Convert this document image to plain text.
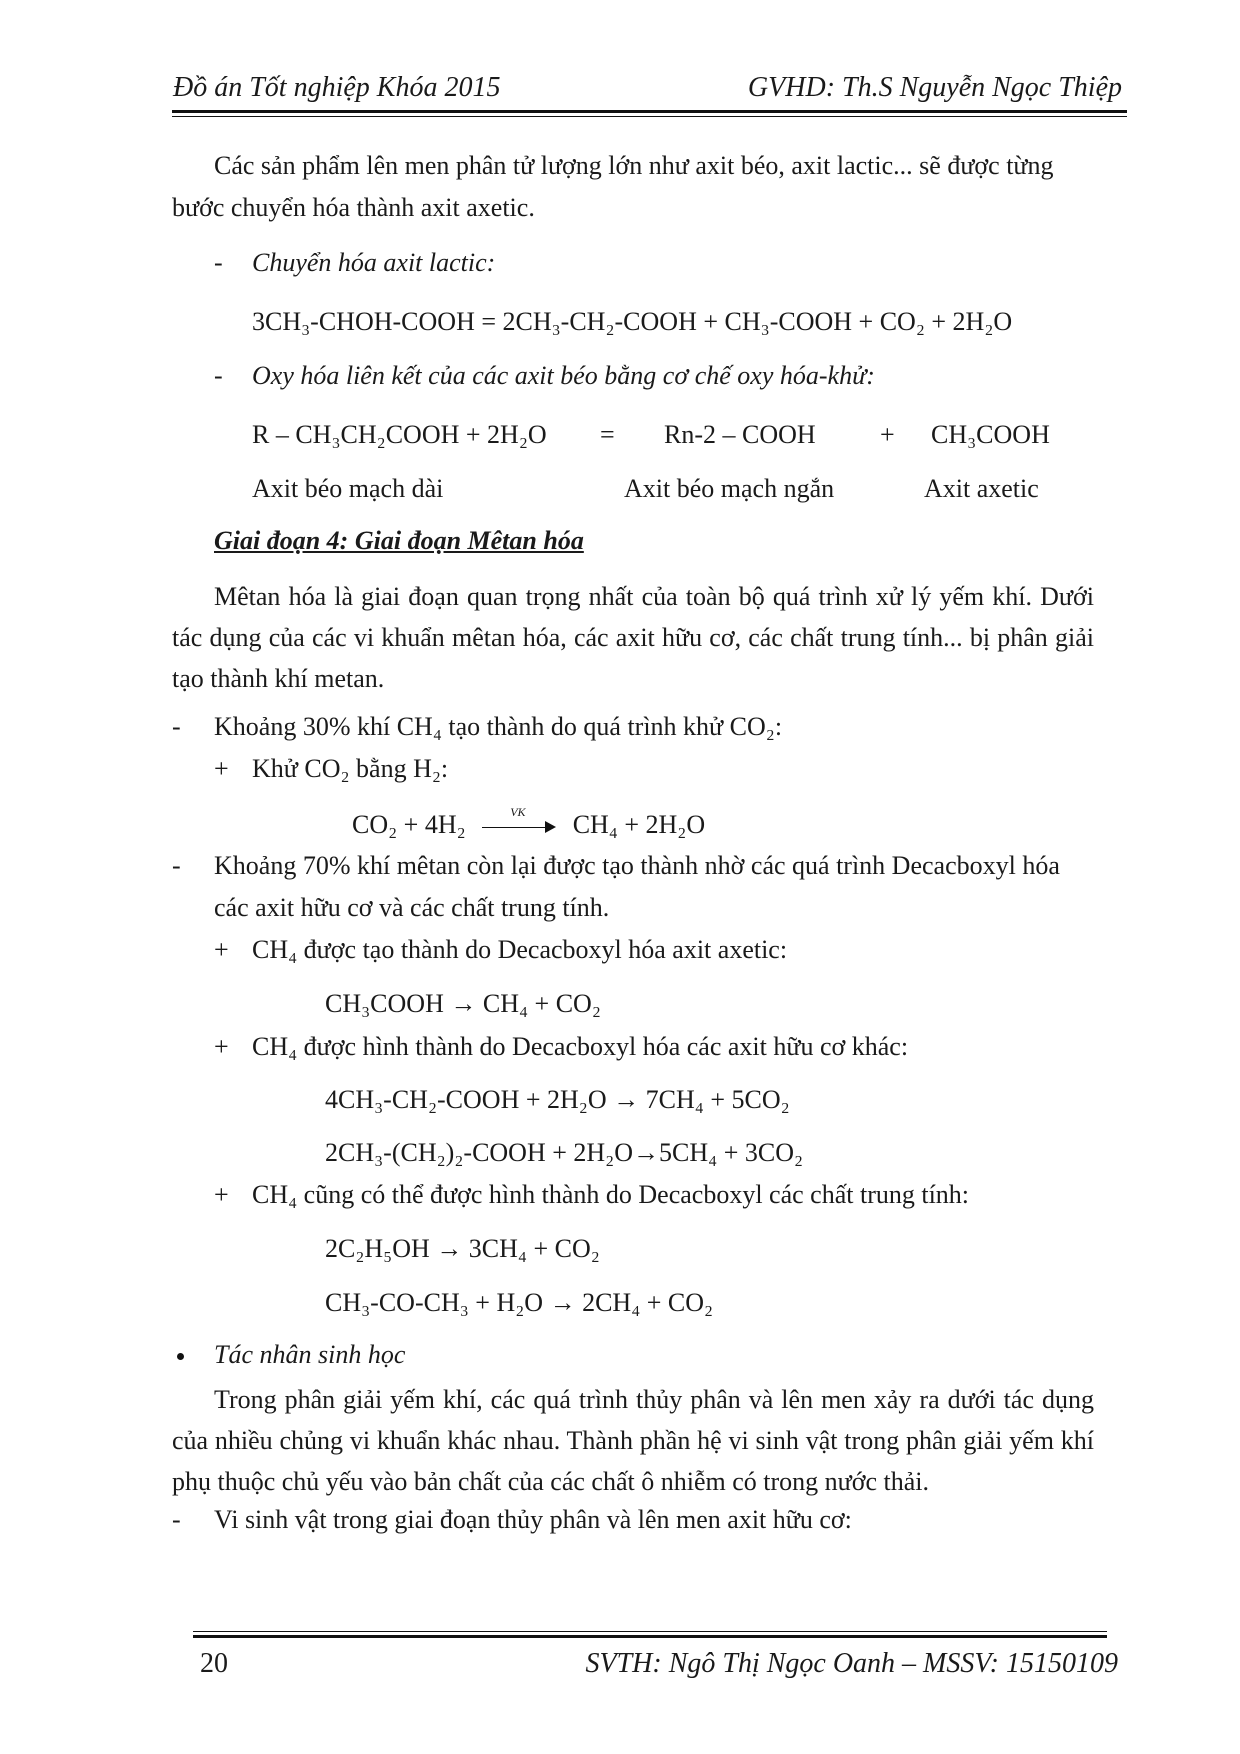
Đồ án Tốt nghiệp Khóa 2015	GVHD: Th.S Nguyễn Ngọc Thiệp
Các sản phẩm lên men phân tử lượng lớn như axit béo, axit lactic... sẽ được từng
bước chuyển hóa thành axit axetic.
- Chuyển hóa axit lactic:
3CH₃-CHOH-COOH = 2CH₃-CH₂-COOH + CH₃-COOH + CO₂ + 2H₂O
- Oxy hóa liên kết của các axit béo bằng cơ chế oxy hóa-khử:
R – CH₃CH₂COOH + 2H₂O = Rn-2 – COOH + CH₃COOH
Axit béo mạch dài	Axit béo mạch ngắn	Axit axetic
Giai đoạn 4: Giai đoạn Mêtan hóa
Mêtan hóa là giai đoạn quan trọng nhất của toàn bộ quá trình xử lý yếm khí. Dưới tác dụng của các vi khuẩn mêtan hóa, các axit hữu cơ, các chất trung tính... bị phân giải tạo thành khí metan.
- Khoảng 30% khí CH₄ tạo thành do quá trình khử CO₂:
+ Khử CO₂ bằng H₂:
CO₂ + 4H₂	VK CH₄ + 2H₂O
- Khoảng 70% khí mêtan còn lại được tạo thành nhờ các quá trình Decacboxyl hóa
các axit hữu cơ và các chất trung tính.
+ CH₄ được tạo thành do Decacboxyl hóa axit axetic:
CH₃COOH → CH₄ + CO₂
+ CH₄ được hình thành do Decacboxyl hóa các axit hữu cơ khác:
4CH₃-CH₂-COOH + 2H₂O → 7CH₄ + 5CO₂
2CH₃-(CH₂)₂-COOH + 2H₂O→5CH₄ + 3CO₂
+ CH₄ cũng có thể được hình thành do Decacboxyl các chất trung tính:
2C₂H₅OH → 3CH₄ + CO₂
CH₃-CO-CH₃ + H₂O → 2CH₄ + CO₂
Tác nhân sinh học
Trong phân giải yếm khí, các quá trình thủy phân và lên men xảy ra dưới tác dụng của nhiều chủng vi khuẩn khác nhau. Thành phần hệ vi sinh vật trong phân giải yếm khí phụ thuộc chủ yếu vào bản chất của các chất ô nhiễm có trong nước thải.
- Vi sinh vật trong giai đoạn thủy phân và lên men axit hữu cơ:
20	SVTH: Ngô Thị Ngọc Oanh – MSSV: 15150109
